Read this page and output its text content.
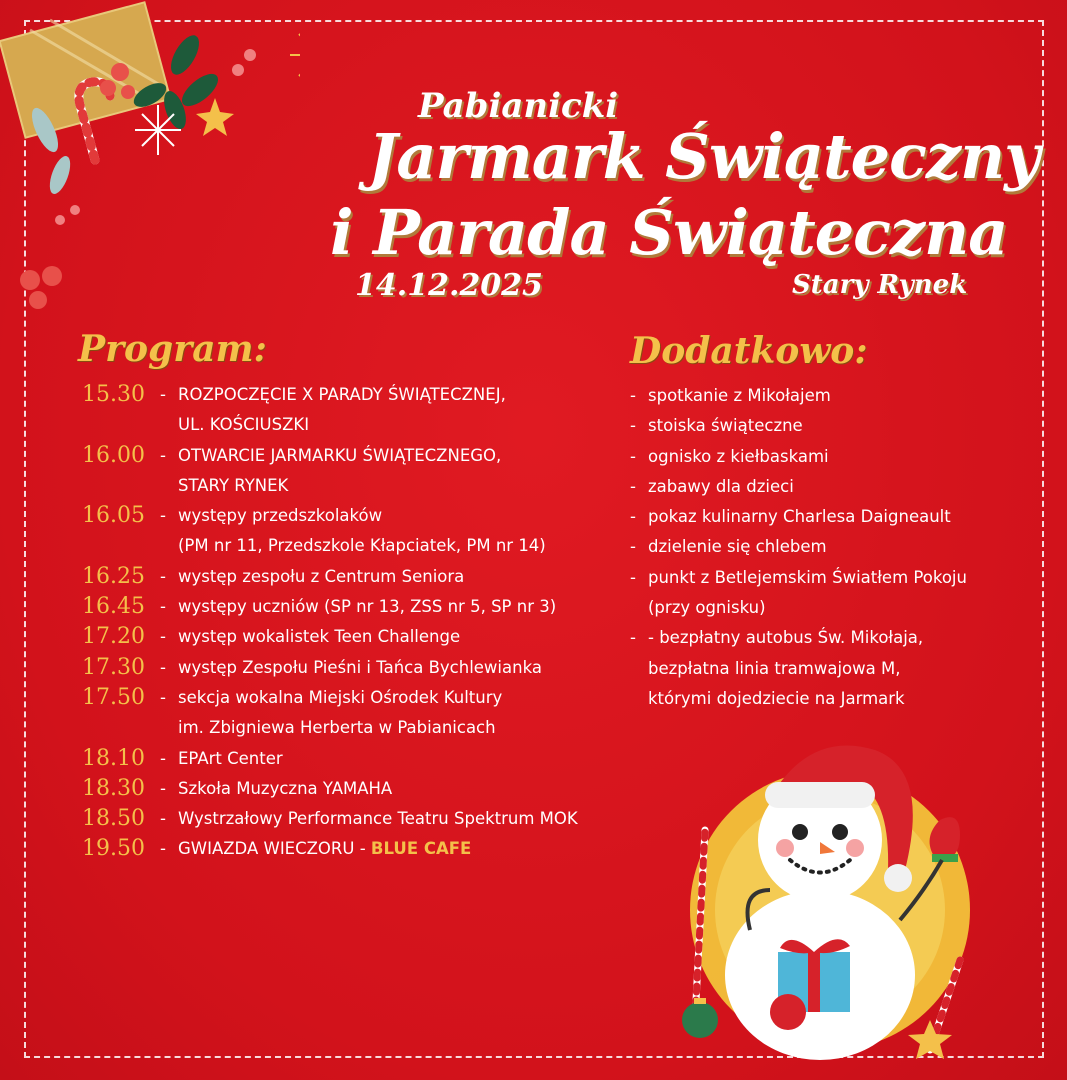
Pabianicki
Jarmark Świąteczny
i Parada Świąteczna
14.12.2025	Stary Rynek
Program:	Dodatkowo:
15.30 - ROZPOCZĘCIE X PARADY ŚWIĄTECZNEJ,
UL. KOŚCIUSZKI
16.00 - OTWARCIE JARMARKU ŚWIĄTECZNEGO,
STARY RYNEK
16.05 - występy przedszkolaków
(PM nr 11, Przedszkole Kłapciatek, PM nr 14)
16.25 - występ zespołu z Centrum Seniora
16.45 - występy uczniów (SP nr 13, ZSS nr 5, SP nr 3)
17.20 - występ wokalistek Teen Challenge
17.30 - występ Zespołu Pieśni i Tańca Bychlewianka
17.50 - sekcja wokalna Miejski Ośrodek Kultury
im. Zbigniewa Herberta w Pabianicach
18.10 - EPArt Center
18.30 - Szkoła Muzyczna YAMAHA
18.50 - Wystrzałowy Performance Teatru Spektrum MOK
19.50 - GWIAZDA WIECZORU - BLUE CAFE
- spotkanie z Mikołajem
- stoiska świąteczne
- ognisko z kiełbaskami
- zabawy dla dzieci
- pokaz kulinarny Charlesa Daigneault
- dzielenie się chlebem
- punkt z Betlejemskim Światłem Pokoju
(przy ognisku)
- - bezpłatny autobus Św. Mikołaja,
bezpłatna linia tramwajowa M,
którymi dojedziecie na Jarmark
